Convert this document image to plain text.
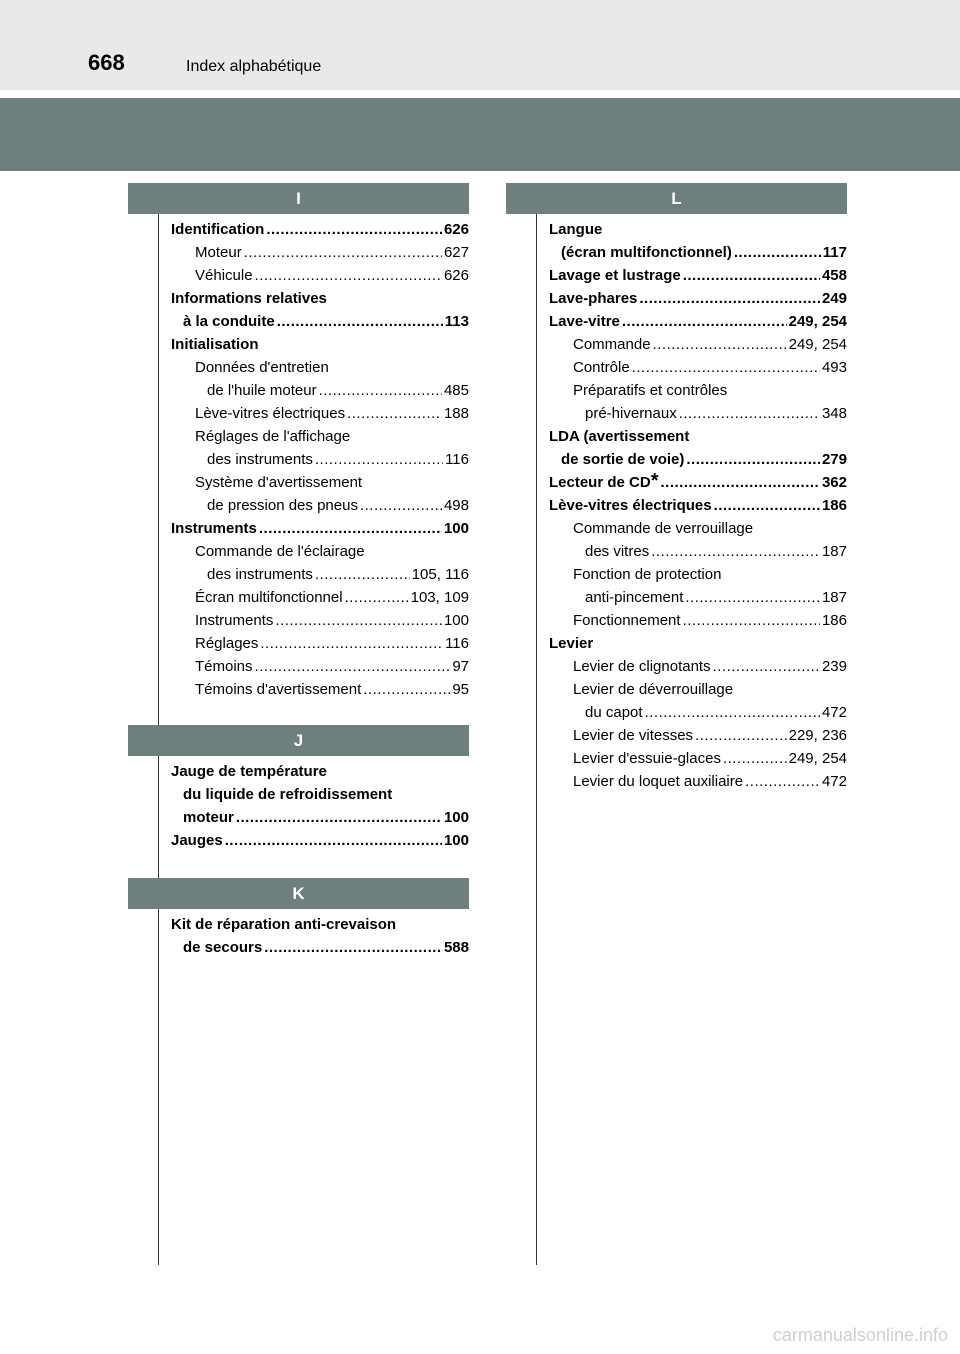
668	Index alphabétique
I
Identification .....	626
Moteur .....	627
Véhicule .....	626
Informations relatives
à la conduite .....	113
Initialisation
Données d'entretien
de l'huile moteur .....	485
Lève-vitres électriques .....	188
Réglages de l'affichage
des instruments .....	116
Système d'avertissement
de pression des pneus .....	498
Instruments .....	100
Commande de l'éclairage
des instruments .....	105, 116
Écran multifonctionnel .....	103, 109
Instruments .....	100
Réglages .....	116
Témoins .....	97
Témoins d'avertissement .....	95
J
Jauge de température
du liquide de refroidissement
moteur .....	100
Jauges .....	100
K
Kit de réparation anti-crevaison
de secours .....	588
L
Langue
(écran multifonctionnel) .....	117
Lavage et lustrage .....	458
Lave-phares .....	249
Lave-vitre .....	249, 254
Commande .....	249, 254
Contrôle .....	493
Préparatifs et contrôles
pré-hivernaux .....	348
LDA (avertissement
de sortie de voie) .....	279
Lecteur de CD * .....	362
Lève-vitres électriques .....	186
Commande de verrouillage
des vitres .....	187
Fonction de protection
anti-pincement .....	187
Fonctionnement .....	186
Levier
Levier de clignotants .....	239
Levier de déverrouillage
du capot .....	472
Levier de vitesses .....	229, 236
Levier d'essuie-glaces .....	249, 254
Levier du loquet auxiliaire .....	472
carmanualsonline.info
